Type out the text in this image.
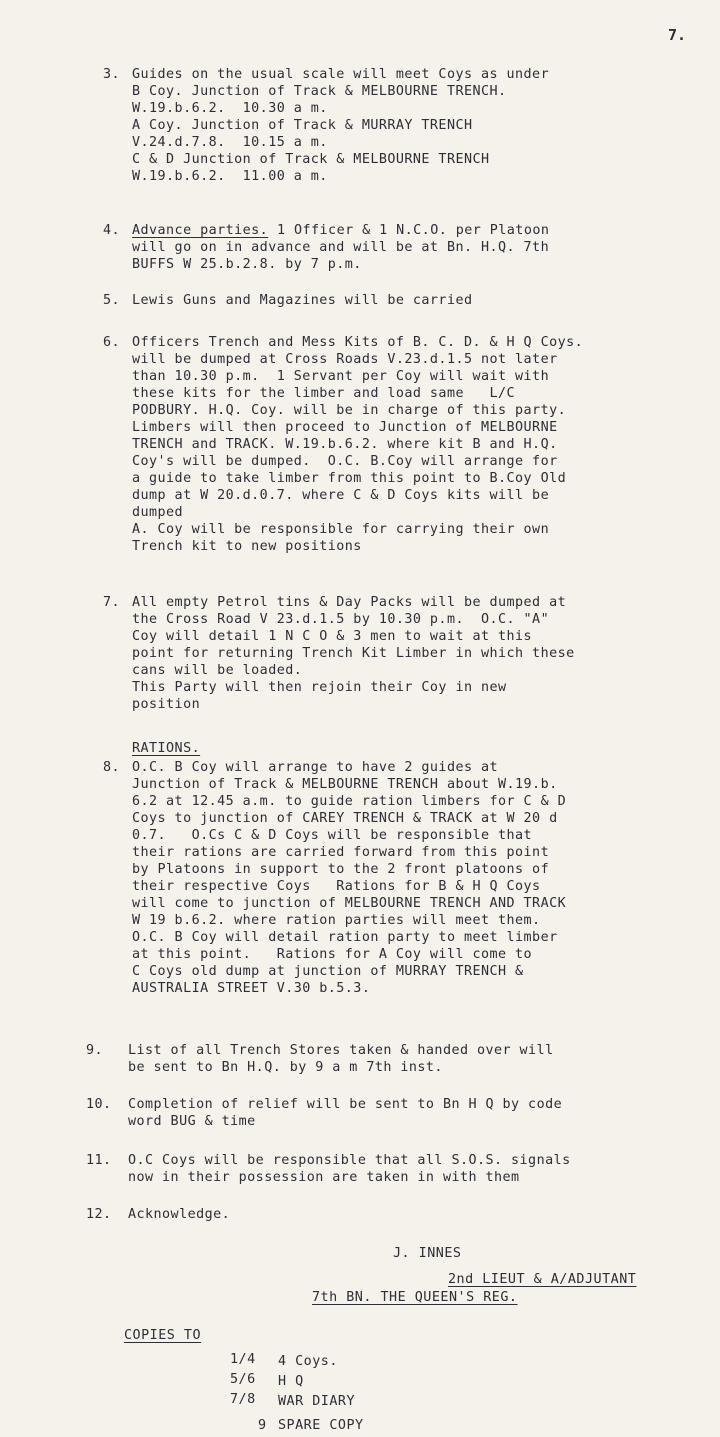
7.
3. Guides on the usual scale will meet Coys as under
B Coy. Junction of Track & MELBOURNE TRENCH.
W.19.b.6.2.  10.30 a m.
A Coy. Junction of Track & MURRAY TRENCH
V.24.d.7.8.  10.15 a m.
C & D Junction of Track & MELBOURNE TRENCH
W.19.b.6.2.  11.00 a m.
4. Advance parties. 1 Officer & 1 N.C.O. per Platoon
will go on in advance and will be at Bn. H.Q. 7th
BUFFS W 25.b.2.8. by 7 p.m.
5. Lewis Guns and Magazines will be carried
6. Officers Trench and Mess Kits of B. C. D. & H Q Coys.
will be dumped at Cross Roads V.23.d.1.5 not later
than 10.30 p.m.  1 Servant per Coy will wait with
these kits for the limber and load same   L/C
PODBURY. H.Q. Coy. will be in charge of this party.
Limbers will then proceed to Junction of MELBOURNE
TRENCH and TRACK. W.19.b.6.2. where kit B and H.Q.
Coy's will be dumped.  O.C. B.Coy will arrange for
a guide to take limber from this point to B.Coy Old
dump at W 20.d.0.7. where C & D Coys kits will be
dumped
A. Coy will be responsible for carrying their own
Trench kit to new positions
7. All empty Petrol tins & Day Packs will be dumped at
the Cross Road V 23.d.1.5 by 10.30 p.m.  O.C. "A"
Coy will detail 1 N C O & 3 men to wait at this
point for returning Trench Kit Limber in which these
cans will be loaded.
This Party will then rejoin their Coy in new
position
RATIONS.
8. O.C. B Coy will arrange to have 2 guides at
Junction of Track & MELBOURNE TRENCH about W.19.b.
6.2 at 12.45 a.m. to guide ration limbers for C & D
Coys to junction of CAREY TRENCH & TRACK at W 20 d
0.7.   O.Cs C & D Coys will be responsible that
their rations are carried forward from this point
by Platoons in support to the 2 front platoons of
their respective Coys   Rations for B & H Q Coys
will come to junction of MELBOURNE TRENCH AND TRACK
W 19 b.6.2. where ration parties will meet them.
O.C. B Coy will detail ration party to meet limber
at this point.   Rations for A Coy will come to
C Coys old dump at junction of MURRAY TRENCH &
AUSTRALIA STREET V.30 b.5.3.
9. List of all Trench Stores taken & handed over will
be sent to Bn H.Q. by 9 a m 7th inst.
10. Completion of relief will be sent to Bn H Q by code
word BUG & time
11. O.C Coys will be responsible that all S.O.S. signals
now in their possession are taken in with them
12. Acknowledge.
J. INNES
2nd LIEUT & A/ADJUTANT
7th BN. THE QUEEN'S REG.
COPIES TO
1/4 4 Coys.
5/6 H Q
7/8 WAR DIARY
9 SPARE COPY
